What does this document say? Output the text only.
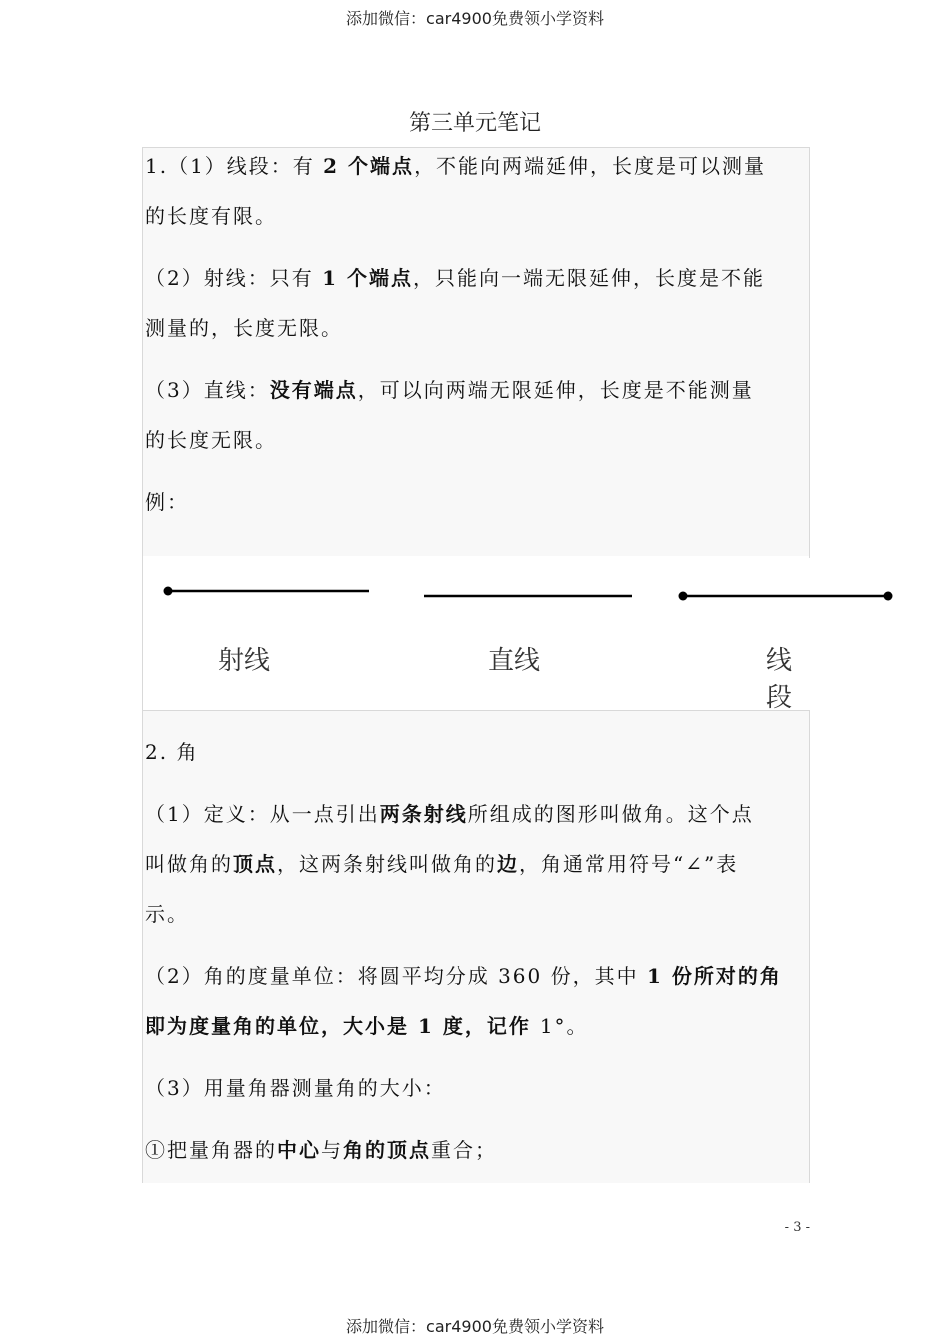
添加微信：car4900免费领小学资料
第三单元笔记
1.（1）线段：有 2 个端点，不能向两端延伸，长度是可以测量
的长度有限。
（2）射线：只有 1 个端点，只能向一端无限延伸，长度是不能
测量的，长度无限。
（3）直线：没有端点，可以向两端无限延伸，长度是不能测量
的长度无限。
例：
射线	直线	线段
2. 角
（1）定义：从一点引出两条射线所组成的图形叫做角。这个点
叫做角的顶点，这两条射线叫做角的边，角通常用符号“∠”表
示。
（2）角的度量单位：将圆平均分成 360 份，其中 1 份所对的角
即为度量角的单位，大小是 1 度，记作 1°。
（3）用量角器测量角的大小：
①把量角器的中心与角的顶点重合；
- 3 -
添加微信：car4900免费领小学资料
